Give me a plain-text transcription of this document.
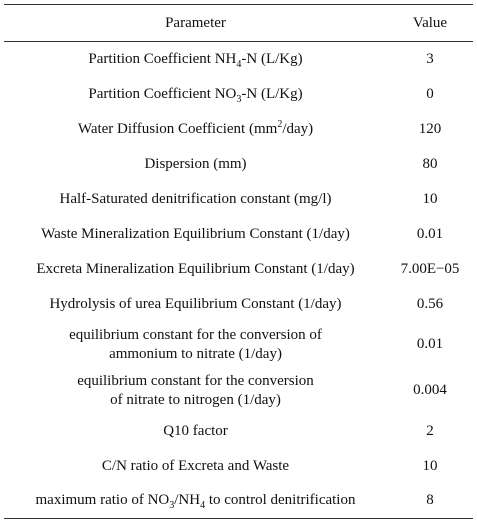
Parameter	Value
Partition Coefficient $NH_4-N$ (L/Kg)	3
Partition Coefficient $NO_3-N$ (L/Kg)	0
Water Diffusion Coefficient $(mm^2/day)$	120
Dispersion (mm)	80
Half-Saturated denitrification constant (mg/l)	10
Waste Mineralization Equilibrium Constant (1/day)	0.01
Excreta Mineralization Equilibrium Constant (1/day)	7.00E−05
Hydrolysis of urea Equilibrium Constant (1/day)	0.56

equilibrium constant for the conversion of
ammonium to nitrate (1/day)	0.01

equilibrium constant for the conversion
of nitrate to nitrogen (1/day)	0.004
Q10 factor	2
C/N ratio of Excreta and Waste	10
maximum ratio of $NO_3/NH_4$ to control denitrification	8
